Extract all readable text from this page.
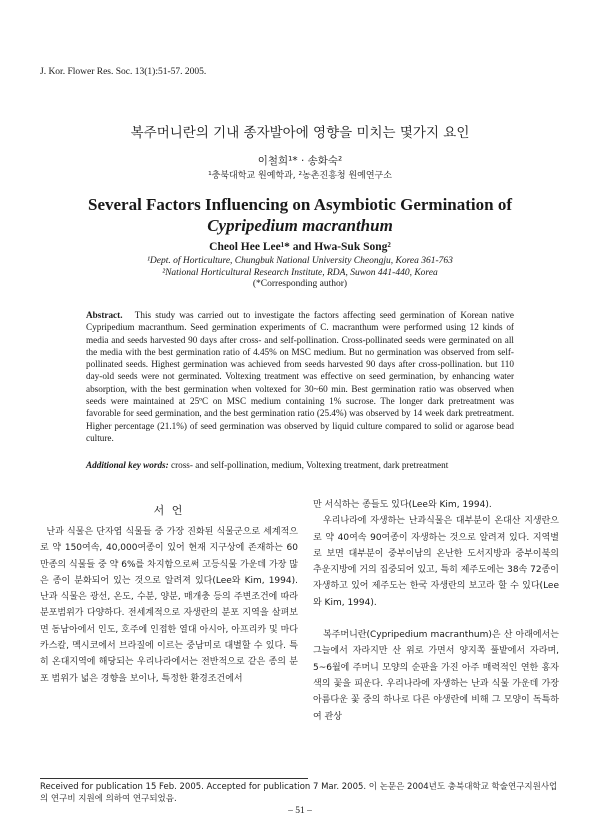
J. Kor. Flower Res. Soc. 13(1):51-57. 2005.
복주머니란의 기내 종자발아에 영향을 미치는 몇가지 요인
이철희¹* · 송화숙²
¹충북대학교 원예학과, ²농촌진흥청 원예연구소
Several Factors Influencing on Asymbiotic Germination of
Cypripedium macranthum
Cheol Hee Lee¹* and Hwa-Suk Song²
¹Dept. of Horticulture, Chungbuk National University Cheongju, Korea 361-763
²National Horticultural Research Institute, RDA, Suwon 441-440, Korea
(*Corresponding author)
Abstract. This study was carried out to investigate the factors affecting seed germination of Korean native Cypripedium macranthum. Seed germination experiments of C. macranthum were performed using 12 kinds of media and seeds harvested 90 days after cross- and self-pollination. Cross-pollinated seeds were germinated on all the media with the best germination ratio of 4.45% on MSC medium. But no germination was observed from self-pollinated seeds. Highest germination was achieved from seeds harvested 90 days after cross-pollination. but 110 day-old seeds were not germinated. Voltexing treatment was effective on seed germination, by enhancing water absorption, with the best germination when voltexed for 30~60 min. Best germination ratio was observed when seeds were maintained at 25ºC on MSC medium containing 1% sucrose. The longer dark pretreatment was favorable for seed germination, and the best germination ratio (25.4%) was observed by 14 week dark pretreatment. Higher percentage (21.1%) of seed germination was observed by liquid culture compared to solid or agarose bead culture.
Additional key words: cross- and self-pollination, medium, Voltexing treatment, dark pretreatment
서 언

난과 식물은 단자엽 식물들 중 가장 진화된 식물군으로 세계적으로 약 150여속, 40,000여종이 있어 현재 지구상에 존재하는 60만종의 식물들 중 약 6%를 차지함으로써 고등식물 가운데 가장 많은 종이 분화되어 있는 것으로 알려져 있다(Lee와 Kim, 1994). 난과 식물은 광선, 온도, 수분, 양분, 매개충 등의 주변조건에 따라 분포범위가 다양하다. 전세계적으로 자생란의 분포 지역을 살펴보면 동남아에서 인도, 호주에 인접한 열대 아시아, 아프리카 및 마다카스칼, 멕시코에서 브라질에 이르는 중남미로 대별할 수 있다. 특히 온대지역에 해당되는 우리나라에서는 전반적으로 같은 종의 분포 범위가 넓은 경향을 보이나, 특정한 환경조건에서

만 서식하는 종들도 있다(Lee와 Kim, 1994).
우리나라에 자생하는 난과식물은 대부분이 온대산 지생란으로 약 40여속 90여종이 자생하는 것으로 알려져 있다. 지역별로 보면 대부분이 중부이남의 온난한 도서지방과 중부이북의 추운지방에 거의 집중되어 있고, 특히 제주도에는 38속 72종이 자생하고 있어 제주도는 한국 자생란의 보고라 할 수 있다(Lee와 Kim, 1994).
복주머니란(Cypripedium macranthum)은 산 아래에서는 그늘에서 자라지만 산 위로 가면서 양지쪽 풀밭에서 자라며, 5~6월에 주머니 모양의 순판을 가진 아주 매력적인 연한 홍자색의 꽃을 피운다. 우리나라에 자생하는 난과 식물 가운데 가장 아름다운 꽃 중의 하나로 다른 야생란에 비해 그 모양이 독특하여 관상
Received for publication 15 Feb. 2005. Accepted for publication 7 Mar. 2005. 이 논문은 2004년도 충북대학교 학술연구지원사업의 연구비 지원에 의하여 연구되었음.
– 51 –
